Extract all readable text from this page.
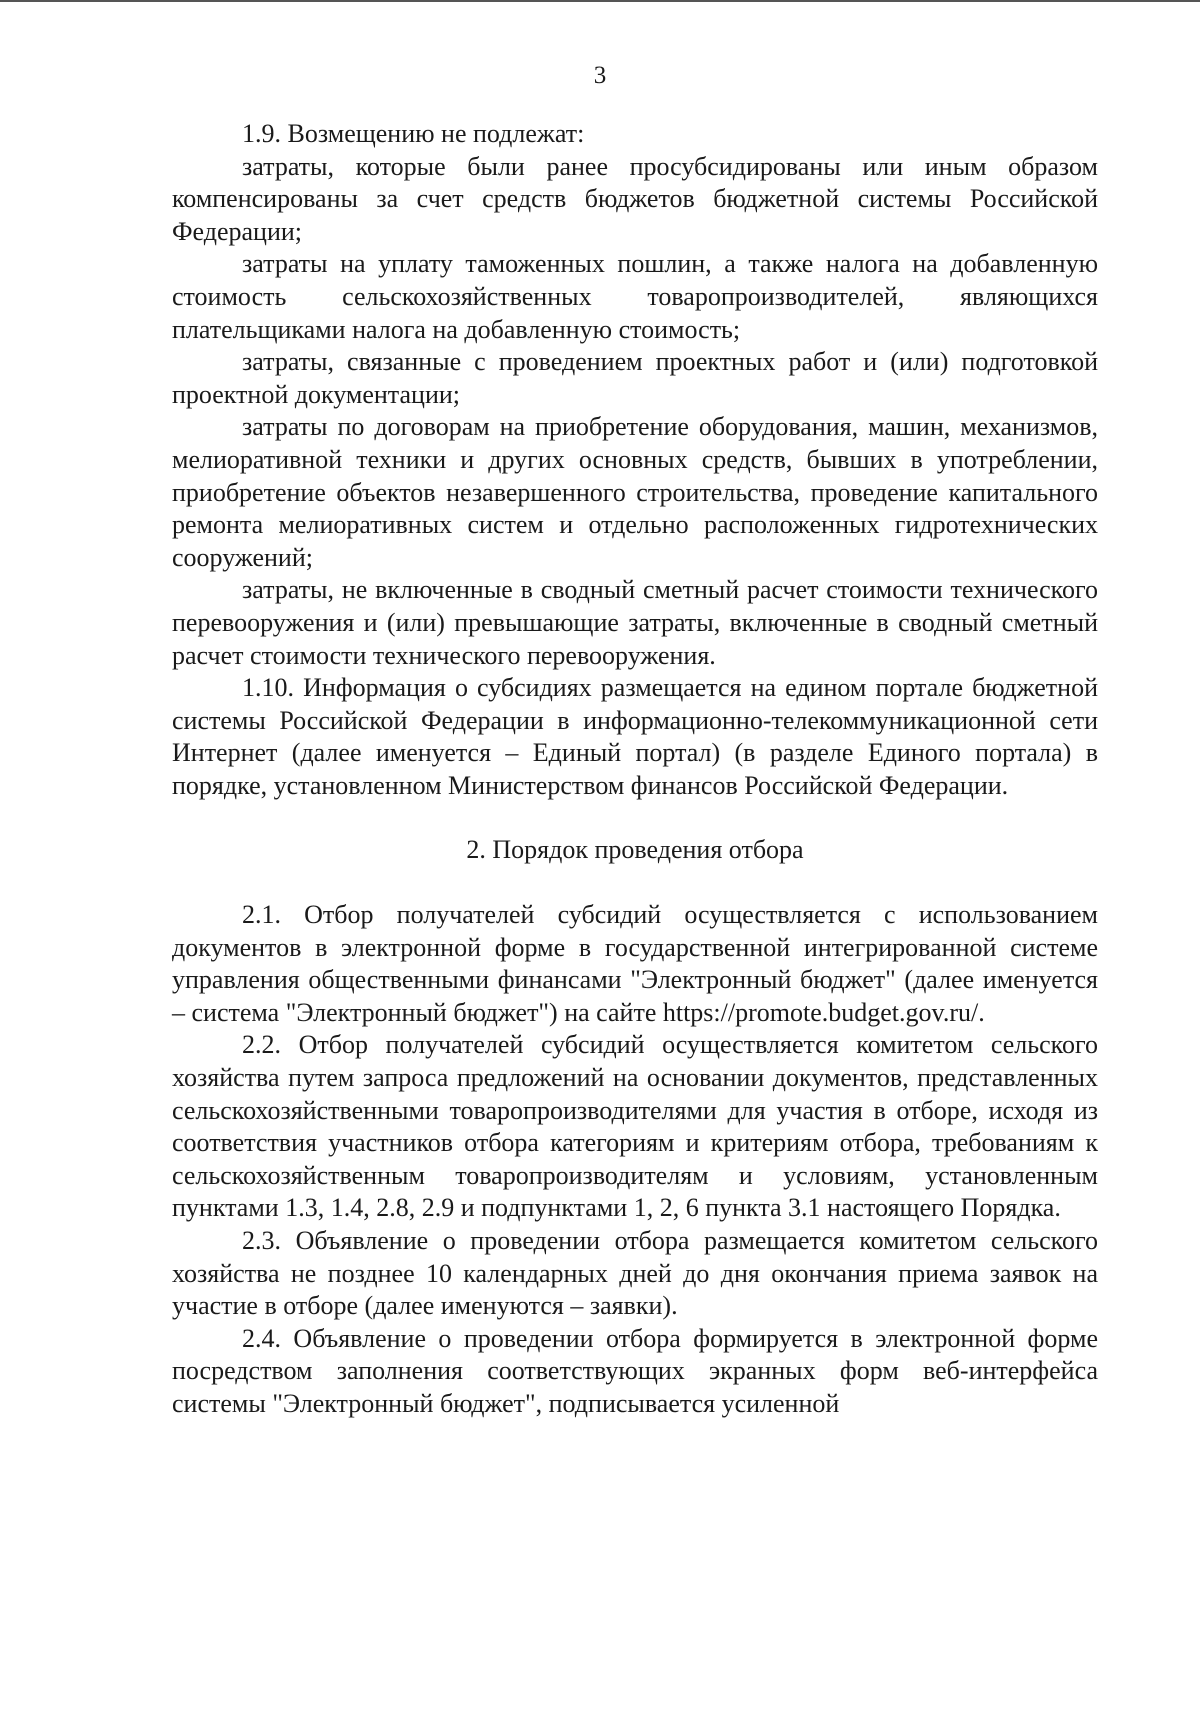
3

1.9. Возмещению не подлежат:

затраты, которые были ранее просубсидированы или иным образом компенсированы за счет средств бюджетов бюджетной системы Российской Федерации;

затраты на уплату таможенных пошлин, а также налога на добавленную стоимость сельскохозяйственных товаропроизводителей, являющихся плательщиками налога на добавленную стоимость;

затраты, связанные с проведением проектных работ и (или) подготовкой проектной документации;

затраты по договорам на приобретение оборудования, машин, механизмов, мелиоративной техники и других основных средств, бывших в употреблении, приобретение объектов незавершенного строительства, проведение капитального ремонта мелиоративных систем и отдельно расположенных гидротехнических сооружений;

затраты, не включенные в сводный сметный расчет стоимости технического перевооружения и (или) превышающие затраты, включенные в сводный сметный расчет стоимости технического перевооружения.

1.10. Информация о субсидиях размещается на едином портале бюджетной системы Российской Федерации в информационно-телекоммуникационной сети Интернет (далее именуется – Единый портал) (в разделе Единого портала) в порядке, установленном Министерством финансов Российской Федерации.

2. Порядок проведения отбора

2.1. Отбор получателей субсидий осуществляется с использованием документов в электронной форме в государственной интегрированной системе управления общественными финансами "Электронный бюджет" (далее именуется – система "Электронный бюджет") на сайте https://promote.budget.gov.ru/.

2.2. Отбор получателей субсидий осуществляется комитетом сельского хозяйства путем запроса предложений на основании документов, представленных сельскохозяйственными товаропроизводителями для участия в отборе, исходя из соответствия участников отбора категориям и критериям отбора, требованиям к сельскохозяйственным товаропроизводителям и условиям, установленным пунктами 1.3, 1.4, 2.8, 2.9 и подпунктами 1, 2, 6 пункта 3.1 настоящего Порядка.

2.3. Объявление о проведении отбора размещается комитетом сельского хозяйства не позднее 10 календарных дней до дня окончания приема заявок на участие в отборе (далее именуются – заявки).

2.4. Объявление о проведении отбора формируется в электронной форме посредством заполнения соответствующих экранных форм веб-интерфейса системы "Электронный бюджет", подписывается усиленной
